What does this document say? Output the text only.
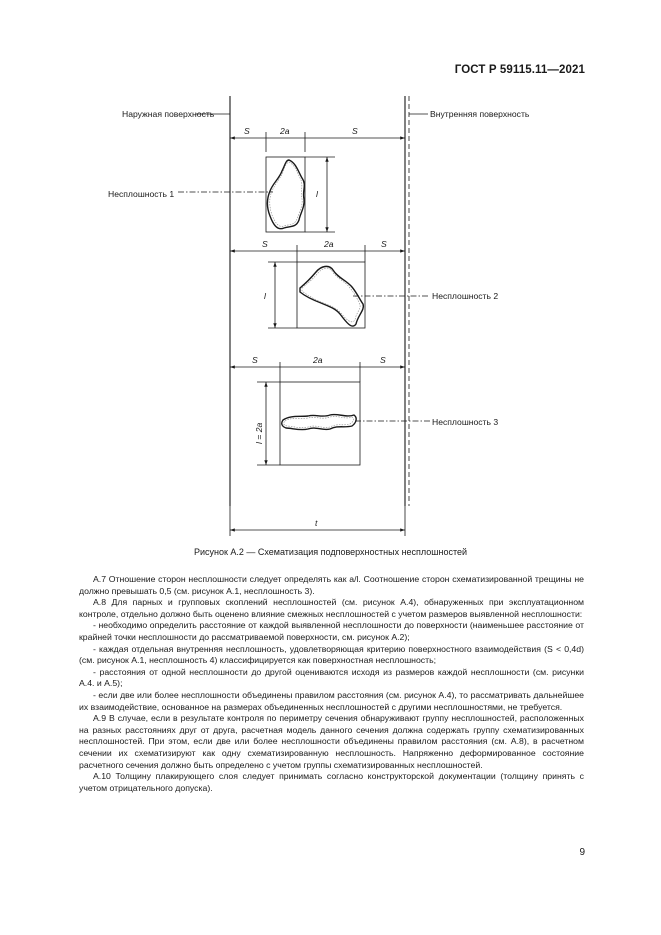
ГОСТ Р 59115.11—2021
Наружная поверхность	Внутренняя поверхность
S	2a	S
l
Несплошность 1
S	2a	S
l	Несплошность 2
S	2a	S
l = 2a
Несплошность 3
t
Рисунок А.2 — Схематизация подповерхностных несплошностей

А.7 Отношение сторон несплошности следует определять как a/l. Соотношение сторон схематизированной трещины не должно превышать 0,5 (см. рисунок А.1, несплошность 3).

А.8 Для парных и групповых скоплений несплошностей (см. рисунок А.4), обнаруженных при эксплуатационном контроле, отдельно должно быть оценено влияние смежных несплошностей с учетом размеров выявленной несплошности:

- необходимо определить расстояние от каждой выявленной несплошности до поверхности (наименьшее расстояние от крайней точки несплошности до рассматриваемой поверхности, см. рисунок А.2);

- каждая отдельная внутренняя несплошность, удовлетворяющая критерию поверхностного взаимодействия (S < 0,4d) (см. рисунок А.1, несплошность 4) классифицируется как поверхностная несплошность;

- расстояния от одной несплошности до другой оцениваются исходя из размеров каждой несплошности (см. рисунки А.4. и А.5);

- если две или более несплошности объединены правилом расстояния (см. рисунок А.4), то рассматривать дальнейшее их взаимодействие, основанное на размерах объединенных несплошностей с другими несплошностями, не требуется.

А.9 В случае, если в результате контроля по периметру сечения обнаруживают группу несплошностей, расположенных на разных расстояниях друг от друга, расчетная модель данного сечения должна содержать группу схематизированных несплошностей. При этом, если две или более несплошности объединены правилом расстояния (см. А.8), в расчетном сечении их схематизируют как одну схематизированную несплошность. Напряженно деформированное состояние расчетного сечения должно быть определено с учетом группы схематизированных несплошностей.

А.10 Толщину плакирующего слоя следует принимать согласно конструкторской документации (толщину принять с учетом отрицательного допуска).

9
